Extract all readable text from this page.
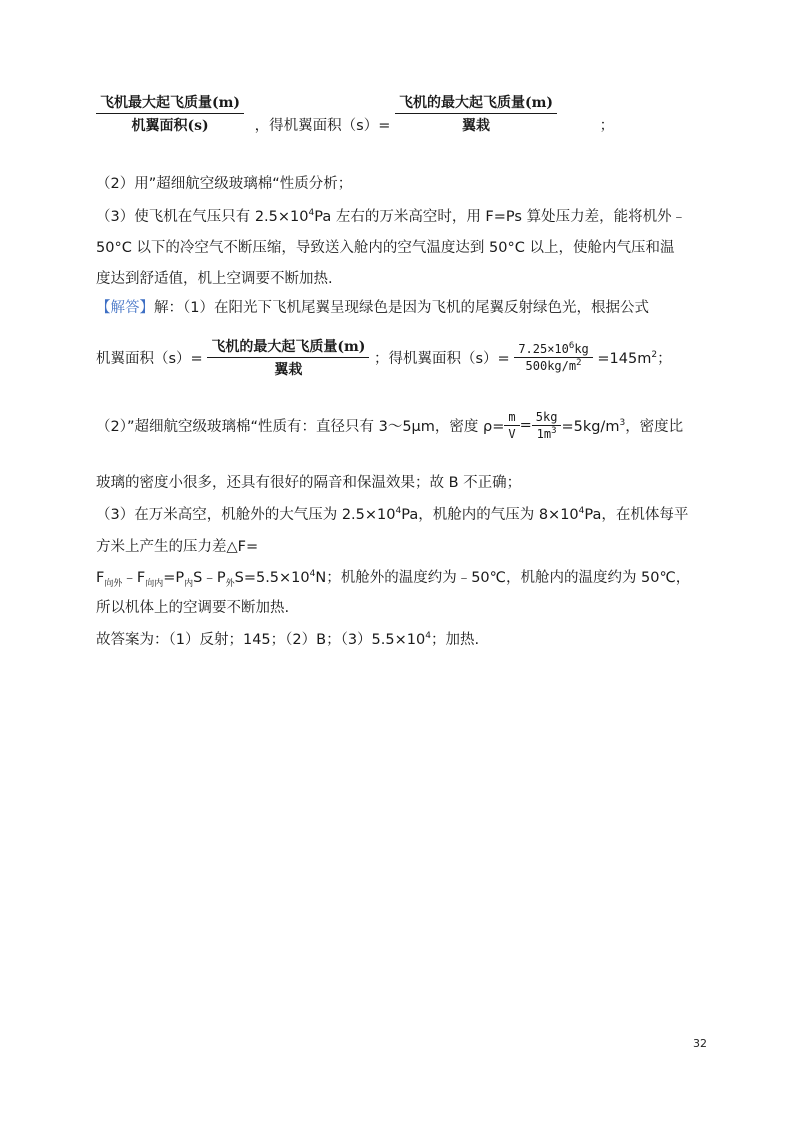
$\frac{\text{飞机最大起飞质量(m)}}{\text{机翼面积(s)}}$ ，得机翼面积$(s)= \frac{\text{飞机的最大起飞质量(m)}}{\text{翼栽}}$	；
（2）用”超细航空级玻璃棉“性质分析；
（3）使飞机在气压只有 $2.5\times 10^4Pa$ 左右的万米高空时，用 F=Ps 算处压力差，能将机外﹣
50°C 以下的冷空气不断压缩，导致送入舱内的空气温度达到 50°C 以上，使舱内气压和温
度达到舒适值，机上空调要不断加热.
【解答】解：（1）在阳光下飞机尾翼呈现绿色是因为飞机的尾翼反射绿色光，根据公式
机翼面积$(s)= \frac{\text{飞机的最大起飞质量(m)}}{\text{翼栽}}$ ；得机翼面积$(s)= \frac{7.25\times 10^6kg}{500kg/m^2} =145m^2$；
（2）”超细航空级玻璃棉“性质有：直径只有 3～5μm，密度 $\rho= \frac{m}{V} = \frac{5kg}{1m^3} =5kg/m^3$，密度比
玻璃的密度小很多，还具有很好的隔音和保温效果；故 B 不正确；
（3）在万米高空，机舱外的大气压为 $2.5\times 10^4Pa$，机舱内的气压为 $8\times 10^4Pa$，在机体每平
方米上产生的压力差△F=
$F_{向外}﹣F_{向内}=P_内S﹣P_外S=5.5\times 10^4N$；机舱外的温度约为﹣50℃，机舱内的温度约为 50℃，
所以机体上的空调要不断加热.
故答案为：（1）反射；145；（2）B；$(3)5.5\times 10^4$；加热.
32
